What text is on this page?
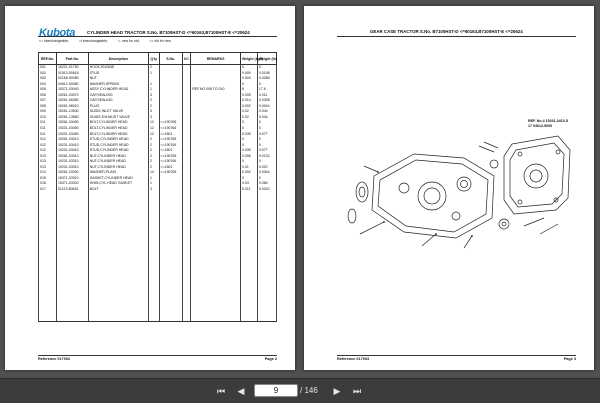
Kubota	CYLINDER HEAD TRACTOR S.No. B7100HST-D <=60163,B7100HST-E <=20624
<= interchangeable;	=I interchangeable;	<- new for old;	=> old for new
REF.No.	Part No.	Description	Q'ty	S.No.	I/C	REMARKS	Weight (kg/l)	Weight (lb)
001	15221-01750	HOOK,ENGINE	2				0	0
002	01513-50616	STUD	1				0.009	0.0198
003	02156-50080	NUT					0.004	0.0088
004	04512-50080	WASHER,SPRING	1				0	0
005	15371-03040	ASSY CYLINDER HEAD	1			REF.NO.006 TO 010	8	17.6
006	15261-03370	CAP,SEALING	3				0.005	0.011
007	15261-96360	CAP,SEALING	2				0.014	0.0308
008	15261-96010	PLUG	2				0.002	0.0044
009	15261-13540	GUIDE,INLET VALVE	3				0.02	0.044
010	15261-13560	GUIDE,EXHAUST VALVE	3				0.02	0.044
011	15261-03450	BOLT,CYLINDER HEAD	12	<=190765			0	0
011	19231-03450	BOLT,CYLINDER HEAD	12	<=190766			0	0
011	19231-03450	BOLT,CYLINDER HEAD	12	<=1801			0.035	0.077
012	15261-03410	STUD,CYLINDER HEAD	2	<=190765			0	0
012	19231-03410	STUD,CYLINDER HEAD	2	<=190766			0	0
012	19231-03410	STUD,CYLINDER HEAD	2	<=1801			0.035	0.077
013	15261-03310	NUT,CYLINDER HEAD	2	<=190765			0.006	0.0132
013	19231-03310	NUT,CYLINDER HEAD	2	<=190766			0	0
013	19231-03310	NUT,CYLINDER HEAD	2	<=1801			0.01	0.022
014	15261-03300	WASHER,PLAIN	14	<=190765			0.002	0.0044
015	15371-03310	GASKET,CYLINDER HEAD	1				0	0
016	15371-03320	SHIM,CYL.HEAD GASKET	1				0.03	0.066
017	01123-50816	BOLT	3				0.011	0.0242

Reference 017002	Page 2
GEAR CASE TRACTOR S.No. B7100HST-D <=60163,B7100HST-E <=20624
REF. No.4 15261-0410-5
17 04612-5000
Reference 017003	Page 3
⏮	◀
9	/ 146	▶	⏭
